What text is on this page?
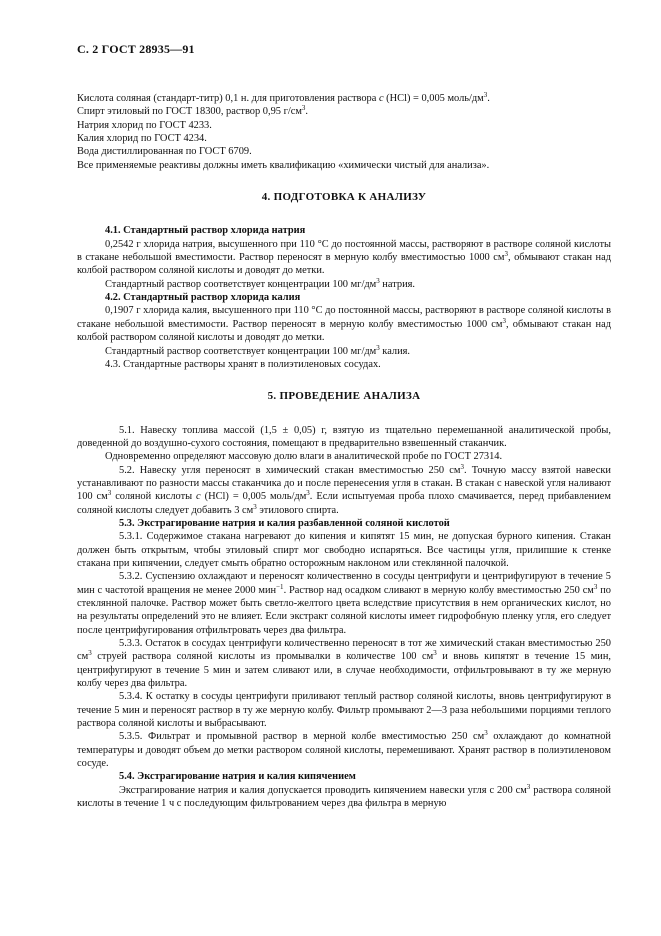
С. 2 ГОСТ 28935—91

Кислота соляная (стандарт-титр) 0,1 н. для приготовления раствора c (HCl) = 0,005 моль/$дм^3$.

Спирт этиловый по ГОСТ 18300, раствор 0,95 $г/см^3$.

Натрия хлорид по ГОСТ 4233.

Калия хлорид по ГОСТ 4234.

Вода дистиллированная по ГОСТ 6709.

Все применяемые реактивы должны иметь квалификацию «химически чистый для анализа».

4. ПОДГОТОВКА К АНАЛИЗУ

4.1. Стандартный раствор хлорида натрия

0,2542 г хлорида натрия, высушенного при 110 °С до постоянной массы, растворяют в растворе соляной кислоты в стакане небольшой вместимости. Раствор переносят в мерную колбу вместимостью 1000 $см^3$, обмывают стакан над колбой раствором соляной кислоты и доводят до метки.

Стандартный раствор соответствует концентрации 100 $мг/дм^3$ натрия.

4.2. Стандартный раствор хлорида калия

0,1907 г хлорида калия, высушенного при 110 °С до постоянной массы, растворяют в растворе соляной кислоты в стакане небольшой вместимости. Раствор переносят в мерную колбу вместимостью 1000 $см^3$, обмывают стакан над колбой раствором соляной кислоты и доводят до метки.

Стандартный раствор соответствует концентрации 100 $мг/дм^3$ калия.

4.3. Стандартные растворы хранят в полиэтиленовых сосудах.

5. ПРОВЕДЕНИЕ АНАЛИЗА

5.1. Навеску топлива массой (1,5 ± 0,05) г, взятую из тщательно перемешанной аналитической пробы, доведенной до воздушно-сухого состояния, помещают в предварительно взвешенный стаканчик.

Одновременно определяют массовую долю влаги в аналитической пробе по ГОСТ 27314.

5.2. Навеску угля переносят в химический стакан вместимостью 250 $см^3$. Точную массу взятой навески устанавливают по разности массы стаканчика до и после перенесения угля в стакан. В стакан с навеской угля наливают 100 $см^3$ соляной кислоты c (HCl) = 0,005 моль/$дм^3$. Если испытуемая проба плохо смачивается, перед прибавлением соляной кислоты следует добавить 3 $см^3$ этилового спирта.

5.3. Экстрагирование натрия и калия разбавленной соляной кислотой

5.3.1. Содержимое стакана нагревают до кипения и кипятят 15 мин, не допуская бурного кипения. Стакан должен быть открытым, чтобы этиловый спирт мог свободно испаряться. Все частицы угля, прилипшие к стенке стакана при кипячении, следует смыть обратно осторожным наклоном или стеклянной палочкой.

5.3.2. Суспензию охлаждают и переносят количественно в сосуды центрифуги и центрифугируют в течение 5 мин с частотой вращения не менее 2000 мин$^{-1}$. Раствор над осадком сливают в мерную колбу вместимостью 250 $см^3$ по стеклянной палочке. Раствор может быть светло-желтого цвета вследствие присутствия в нем органических кислот, но на результаты определений это не влияет. Если экстракт соляной кислоты имеет гидрофобную пленку угля, его следует после центрифугирования отфильтровать через два фильтра.

5.3.3. Остаток в сосудах центрифуги количественно переносят в тот же химический стакан вместимостью 250 $см^3$ струей раствора соляной кислоты из промывалки в количестве 100 $см^3$ и вновь кипятят в течение 15 мин, центрифугируют в течение 5 мин и затем сливают или, в случае необходимости, отфильтровывают в ту же мерную колбу через два фильтра.

5.3.4. К остатку в сосуды центрифуги приливают теплый раствор соляной кислоты, вновь центрифугируют в течение 5 мин и переносят раствор в ту же мерную колбу. Фильтр промывают 2—3 раза небольшими порциями теплого раствора соляной кислоты и выбрасывают.

5.3.5. Фильтрат и промывной раствор в мерной колбе вместимостью 250 $см^3$ охлаждают до комнатной температуры и доводят объем до метки раствором соляной кислоты, перемешивают. Хранят раствор в полиэтиленовом сосуде.

5.4. Экстрагирование натрия и калия кипячением

Экстрагирование натрия и калия допускается проводить кипячением навески угля с 200 $см^3$ раствора соляной кислоты в течение 1 ч с последующим фильтрованием через два фильтра в мерную
